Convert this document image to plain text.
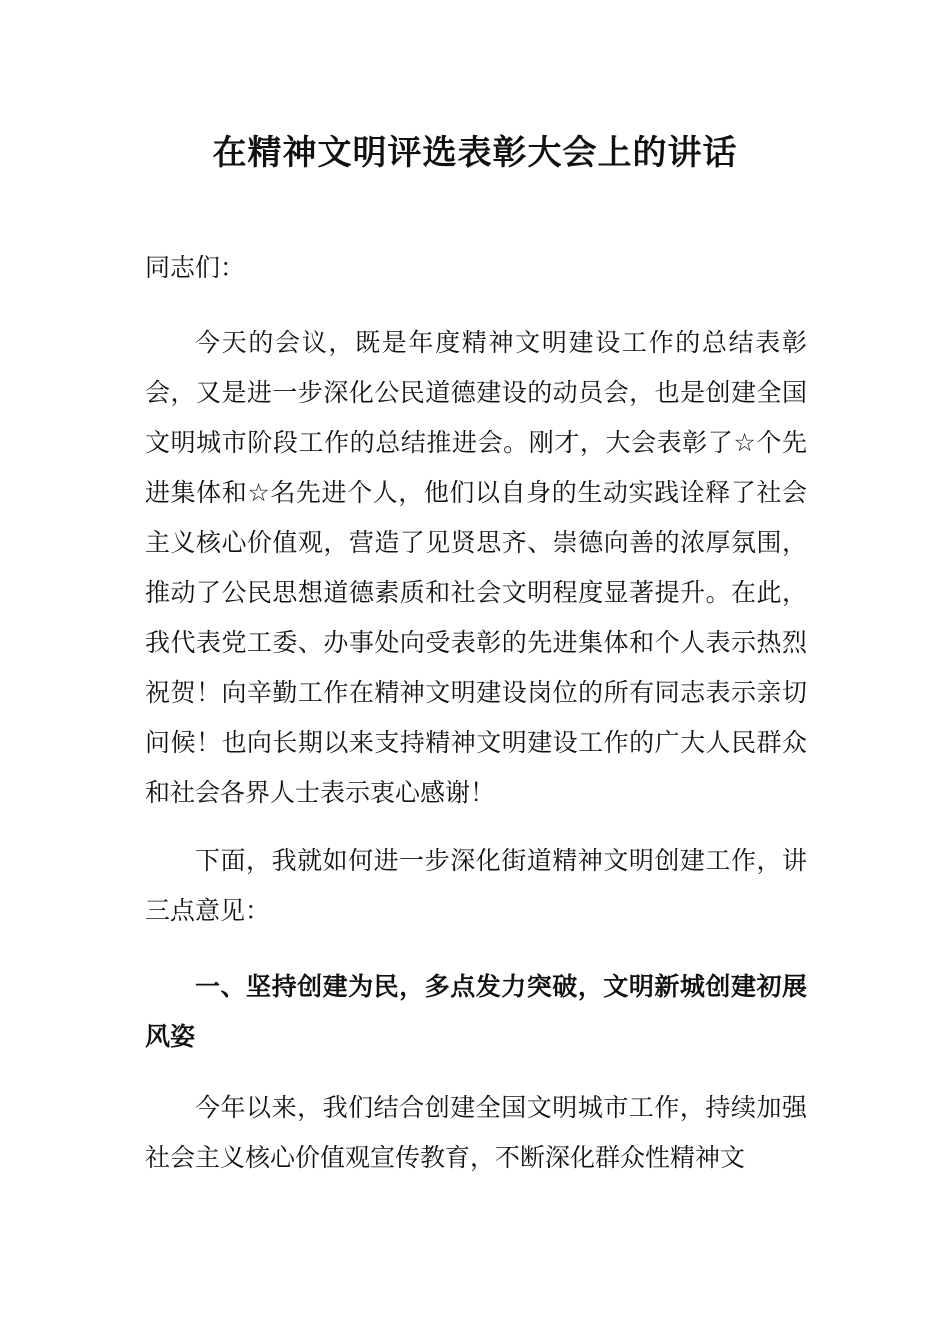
在精神文明评选表彰大会上的讲话

同志们：

今天的会议，既是年度精神文明建设工作的总结表彰会，又是进一步深化公民道德建设的动员会，也是创建全国文明城市阶段工作的总结推进会。刚才，大会表彰了☆个先进集体和☆名先进个人，他们以自身的生动实践诠释了社会主义核心价值观，营造了见贤思齐、崇德向善的浓厚氛围，推动了公民思想道德素质和社会文明程度显著提升。在此，我代表党工委、办事处向受表彰的先进集体和个人表示热烈祝贺！向辛勤工作在精神文明建设岗位的所有同志表示亲切问候！也向长期以来支持精神文明建设工作的广大人民群众和社会各界人士表示衷心感谢！

下面，我就如何进一步深化街道精神文明创建工作，讲三点意见：

一、坚持创建为民，多点发力突破，文明新城创建初展风姿

今年以来，我们结合创建全国文明城市工作，持续加强社会主义核心价值观宣传教育，不断深化群众性精神文
